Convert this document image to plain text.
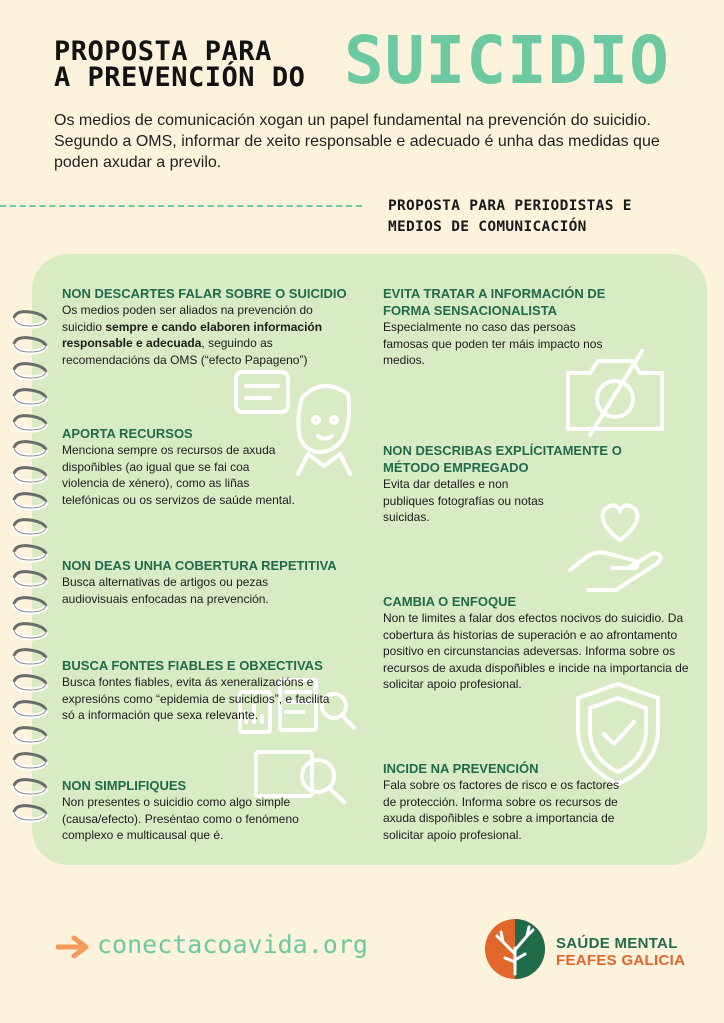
PROPOSTA PARA
A PREVENCIÓN DO SUICIDIO
Os medios de comunicación xogan un papel fundamental na prevención do suicidio. Segundo a OMS, informar de xeito responsable e adecuado é unha das medidas que poden axudar a previlo.
PROPOSTA PARA PERIODISTAS E
MEDIOS DE COMUNICACIÓN
NON DESCARTES FALAR SOBRE O SUICIDIO

Os medios poden ser aliados na prevención do suicidio sempre e cando elaboren información responsable e adecuada, seguindo as recomendacións da OMS (“efecto Papageno”)

APORTA RECURSOS

Menciona sempre os recursos de axuda dispoñibles (ao igual que se fai coa violencia de xénero), como as liñas telefónicas ou os servizos de saúde mental.

NON DEAS UNHA COBERTURA REPETITIVA

Busca alternativas de artigos ou pezas audiovisuais enfocadas na prevención.

BUSCA FONTES FIABLES E OBXECTIVAS

Busca fontes fiables, evita ás xeneralizacións e expresións como “epidemia de suicidios”, e facilita só a información que sexa relevante.

NON SIMPLIFIQUES

Non presentes o suicidio como algo simple (causa/efecto). Preséntao como o fenómeno complexo e multicausal que é.

EVITA TRATAR A INFORMACIÓN DE FORMA SENSACIONALISTA

Especialmente no caso das persoas famosas que poden ter máis impacto nos medios.

NON DESCRIBAS EXPLÍCITAMENTE O MÉTODO EMPREGADO

Evita dar detalles e non publiques fotografías ou notas suicidas.

CAMBIA O ENFOQUE

Non te limites a falar dos efectos nocivos do suicidio. Da cobertura ás historias de superación e ao afrontamento positivo en circunstancias adeversas. Informa sobre os recursos de axuda dispoñibles e incide na importancia de solicitar apoio profesional.

INCIDE NA PREVENCIÓN

Fala sobre os factores de risco e os factores de protección. Informa sobre os recursos de axuda dispoñibles e sobre a importancia de solicitar apoio profesional.

conectacoavida.org	SAÚDE MENTAL
FEAFES GALICIA
